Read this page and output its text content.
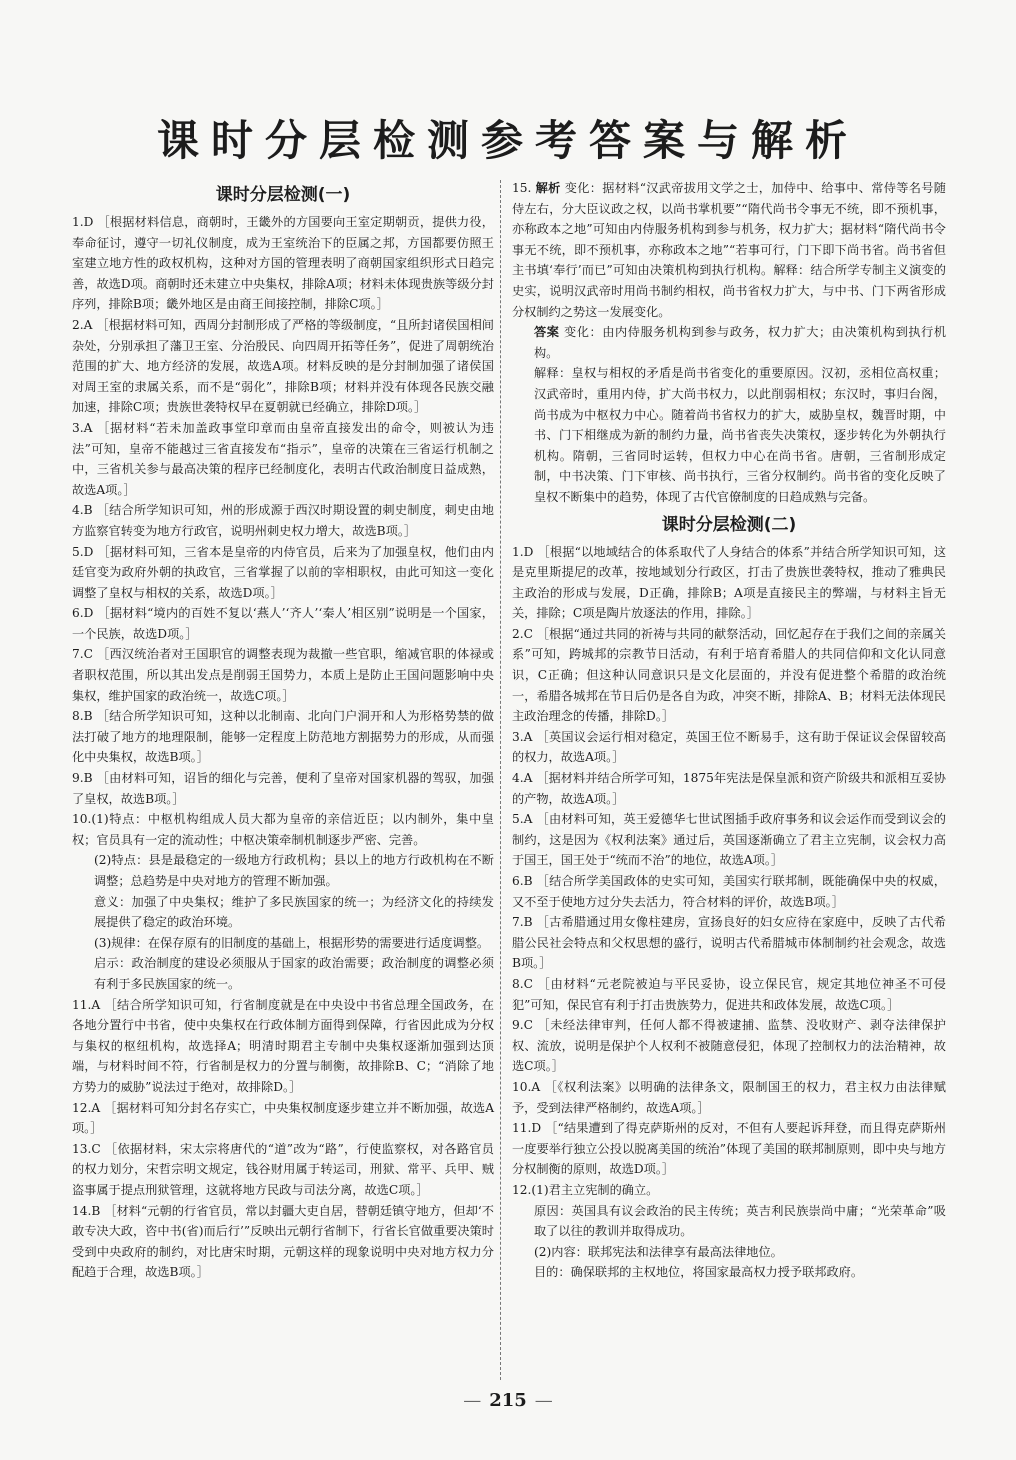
课时分层检测参考答案与解析
课时分层检测(一)

1.D ［根据材料信息，商朝时，王畿外的方国要向王室定期朝贡，提供力役，奉命征讨，遵守一切礼仪制度，成为王室统治下的臣属之邦，方国都要仿照王室建立地方性的政权机构，这种对方国的管理表明了商朝国家组织形式日趋完善，故选D项。商朝时还未建立中央集权，排除A项；材料未体现贵族等级分封序列，排除B项；畿外地区是由商王间接控制，排除C项。］

2.A ［根据材料可知，西周分封制形成了严格的等级制度，“且所封诸侯国相间杂处，分别承担了藩卫王室、分治殷民、向四周开拓等任务”，促进了周朝统治范围的扩大、地方经济的发展，故选A项。材料反映的是分封制加强了诸侯国对周王室的隶属关系，而不是“弱化”，排除B项；材料并没有体现各民族交融加速，排除C项；贵族世袭特权早在夏朝就已经确立，排除D项。］

3.A ［据材料“若未加盖政事堂印章而由皇帝直接发出的命令，则被认为违法”可知，皇帝不能越过三省直接发布“指示”，皇帝的决策在三省运行机制之中，三省机关参与最高决策的程序已经制度化，表明古代政治制度日益成熟，故选A项。］

4.B ［结合所学知识可知，州的形成源于西汉时期设置的刺史制度，刺史由地方监察官转变为地方行政官，说明州刺史权力增大，故选B项。］

5.D ［据材料可知，三省本是皇帝的内侍官员，后来为了加强皇权，他们由内廷官变为政府外朝的执政官，三省掌握了以前的宰相职权，由此可知这一变化调整了皇权与相权的关系，故选D项。］

6.D ［据材料“境内的百姓不复以‘燕人’‘齐人’‘秦人’相区别”说明是一个国家，一个民族，故选D项。］

7.C ［西汉统治者对王国职官的调整表现为裁撤一些官职，缩减官职的体禄或者职权范围，所以其出发点是削弱王国势力，本质上是防止王国问题影响中央集权，维护国家的政治统一，故选C项。］

8.B ［结合所学知识可知，这种以北制南、北向门户洞开和人为形格势禁的做法打破了地方的地理限制，能够一定程度上防范地方割据势力的形成，从而强化中央集权，故选B项。］

9.B ［由材料可知，诏旨的细化与完善，便利了皇帝对国家机器的驾驭，加强了皇权，故选B项。］

10.(1)特点：中枢机构组成人员大都为皇帝的亲信近臣；以内制外，集中皇权；官员具有一定的流动性；中枢决策牵制机制逐步严密、完善。

(2)特点：县是最稳定的一级地方行政机构；县以上的地方行政机构在不断调整；总趋势是中央对地方的管理不断加强。

意义：加强了中央集权；维护了多民族国家的统一；为经济文化的持续发展提供了稳定的政治环境。

(3)规律：在保存原有的旧制度的基础上，根据形势的需要进行适度调整。

启示：政治制度的建设必须服从于国家的政治需要；政治制度的调整必须有利于多民族国家的统一。

11.A ［结合所学知识可知，行省制度就是在中央设中书省总理全国政务，在各地分置行中书省，使中央集权在行政体制方面得到保障，行省因此成为分权与集权的枢纽机构，故选择A；明清时期君主专制中央集权逐渐加强到达顶端，与材料时间不符，行省制是权力的分置与制衡，故排除B、C；“消除了地方势力的威胁”说法过于绝对，故排除D。］

12.A ［据材料可知分封名存实亡，中央集权制度逐步建立并不断加强，故选A项。］

13.C ［依据材料，宋太宗将唐代的“道”改为“路”，行使监察权，对各路官员的权力划分，宋哲宗明文规定，钱谷财用属于转运司，刑狱、常平、兵甲、贼盗事属于提点刑狱管理，这就将地方民政与司法分离，故选C项。］

14.B ［材料“元朝的行省官员，常以封疆大吏自居，替朝廷镇守地方，但却‘不敢专决大政，咨中书(省)而后行’”反映出元朝行省制下，行省长官做重要决策时受到中央政府的制约，对比唐宋时期，元朝这样的现象说明中央对地方权力分配趋于合理，故选B项。］

15. 解析 变化：据材料“汉武帝拔用文学之士，加侍中、给事中、常侍等名号随侍左右，分大臣议政之权，以尚书掌机要”“隋代尚书令事无不统，即不预机事，亦称政本之地”可知由内侍服务机构到参与机务，权力扩大；据材料“隋代尚书令事无不统，即不预机事，亦称政本之地”“若事可行，门下即下尚书省。尚书省但主书填‘奉行’而已”可知由决策机构到执行机构。解释：结合所学专制主义演变的史实，说明汉武帝时用尚书制约相权，尚书省权力扩大，与中书、门下两省形成分权制约之势这一发展变化。

答案 变化：由内侍服务机构到参与政务，权力扩大；由决策机构到执行机构。

解释：皇权与相权的矛盾是尚书省变化的重要原因。汉初，丞相位高权重；汉武帝时，重用内侍，扩大尚书权力，以此削弱相权；东汉时，事归台阁，尚书成为中枢权力中心。随着尚书省权力的扩大，威胁皇权，魏晋时期，中书、门下相继成为新的制约力量，尚书省丧失决策权，逐步转化为外朝执行机构。隋朝，三省同时运转，但权力中心在尚书省。唐朝，三省制形成定制，中书决策、门下审核、尚书执行，三省分权制约。尚书省的变化反映了皇权不断集中的趋势，体现了古代官僚制度的日趋成熟与完备。

课时分层检测(二)

1.D ［根据“以地域结合的体系取代了人身结合的体系”并结合所学知识可知，这是克里斯提尼的改革，按地域划分行政区，打击了贵族世袭特权，推动了雅典民主政治的形成与发展，D正确，排除B；A项是直接民主的弊端，与材料主旨无关，排除；C项是陶片放逐法的作用，排除。］

2.C ［根据“通过共同的祈祷与共同的献祭活动，回忆起存在于我们之间的亲属关系”可知，跨城邦的宗教节日活动，有利于培育希腊人的共同信仰和文化认同意识，C正确；但这种认同意识只是文化层面的，并没有促进整个希腊的政治统一，希腊各城邦在节日后仍是各自为政，冲突不断，排除A、B；材料无法体现民主政治理念的传播，排除D。］

3.A ［英国议会运行相对稳定，英国王位不断易手，这有助于保证议会保留较高的权力，故选A项。］

4.A ［据材料并结合所学可知，1875年宪法是保皇派和资产阶级共和派相互妥协的产物，故选A项。］

5.A ［由材料可知，英王爱德华七世试图插手政府事务和议会运作而受到议会的制约，这是因为《权利法案》通过后，英国逐渐确立了君主立宪制，议会权力高于国王，国王处于“统而不治”的地位，故选A项。］

6.B ［结合所学美国政体的史实可知，美国实行联邦制，既能确保中央的权威，又不至于使地方过分失去活力，符合材料的评价，故选B项。］

7.B ［古希腊通过用女像柱建房，宣扬良好的妇女应待在家庭中，反映了古代希腊公民社会特点和父权思想的盛行，说明古代希腊城市体制制约社会观念，故选B项。］

8.C ［由材料“元老院被迫与平民妥协，设立保民官，规定其地位神圣不可侵犯”可知，保民官有利于打击贵族势力，促进共和政体发展，故选C项。］

9.C ［未经法律审判，任何人都不得被逮捕、监禁、没收财产、剥夺法律保护权、流放，说明是保护个人权利不被随意侵犯，体现了控制权力的法治精神，故选C项。］

10.A ［《权利法案》以明确的法律条文，限制国王的权力，君主权力由法律赋予，受到法律严格制约，故选A项。］

11.D ［“结果遭到了得克萨斯州的反对，不但有人要起诉拜登，而且得克萨斯州一度要举行独立公投以脱离美国的统治”体现了美国的联邦制原则，即中央与地方分权制衡的原则，故选D项。］

12.(1)君主立宪制的确立。

原因：英国具有议会政治的民主传统；英吉利民族崇尚中庸；“光荣革命”吸取了以往的教训并取得成功。

(2)内容：联邦宪法和法律享有最高法律地位。

目的：确保联邦的主权地位，将国家最高权力授予联邦政府。

— 215 —
